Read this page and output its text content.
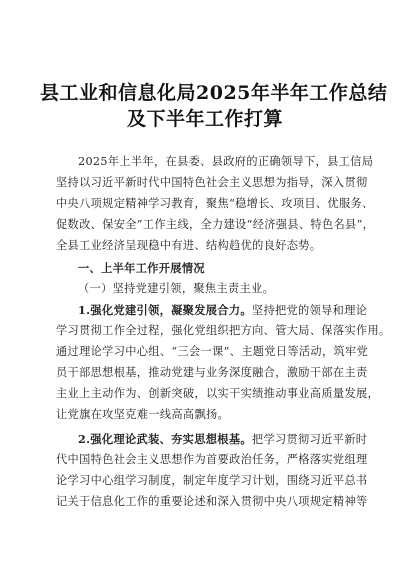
县工业和信息化局2025年半年工作总结
及下半年工作打算
2025年上半年，在县委、县政府的正确领导下，县工信局
坚持以习近平新时代中国特色社会主义思想为指导，深入贯彻
中央八项规定精神学习教育，聚焦“稳增长、攻项目、优服务、
促数改、保安全”工作主线，全力建设“经济强县、特色名县”，
全县工业经济呈现稳中有进、结构趋优的良好态势。
一、上半年工作开展情况
（一）坚持党建引领，聚焦主责主业。
1.强化党建引领，凝聚发展合力。坚持把党的领导和理论
学习贯彻工作全过程，强化党组织把方向、管大局、保落实作用。
通过理论学习中心组、“三会一课”、主题党日等活动，筑牢党
员干部思想根基，推动党建与业务深度融合，激励干部在主责
主业上主动作为、创新突破，以实干实绩推动事业高质量发展，
让党旗在攻坚克难一线高高飘扬。
2.强化理论武装、夯实思想根基。把学习贯彻习近平新时
代中国特色社会主义思想作为首要政治任务，严格落实党组理
论学习中心组学习制度，制定年度学习计划，围绕习近平总书
记关于信息化工作的重要论述和深入贯彻中央八项规定精神等
